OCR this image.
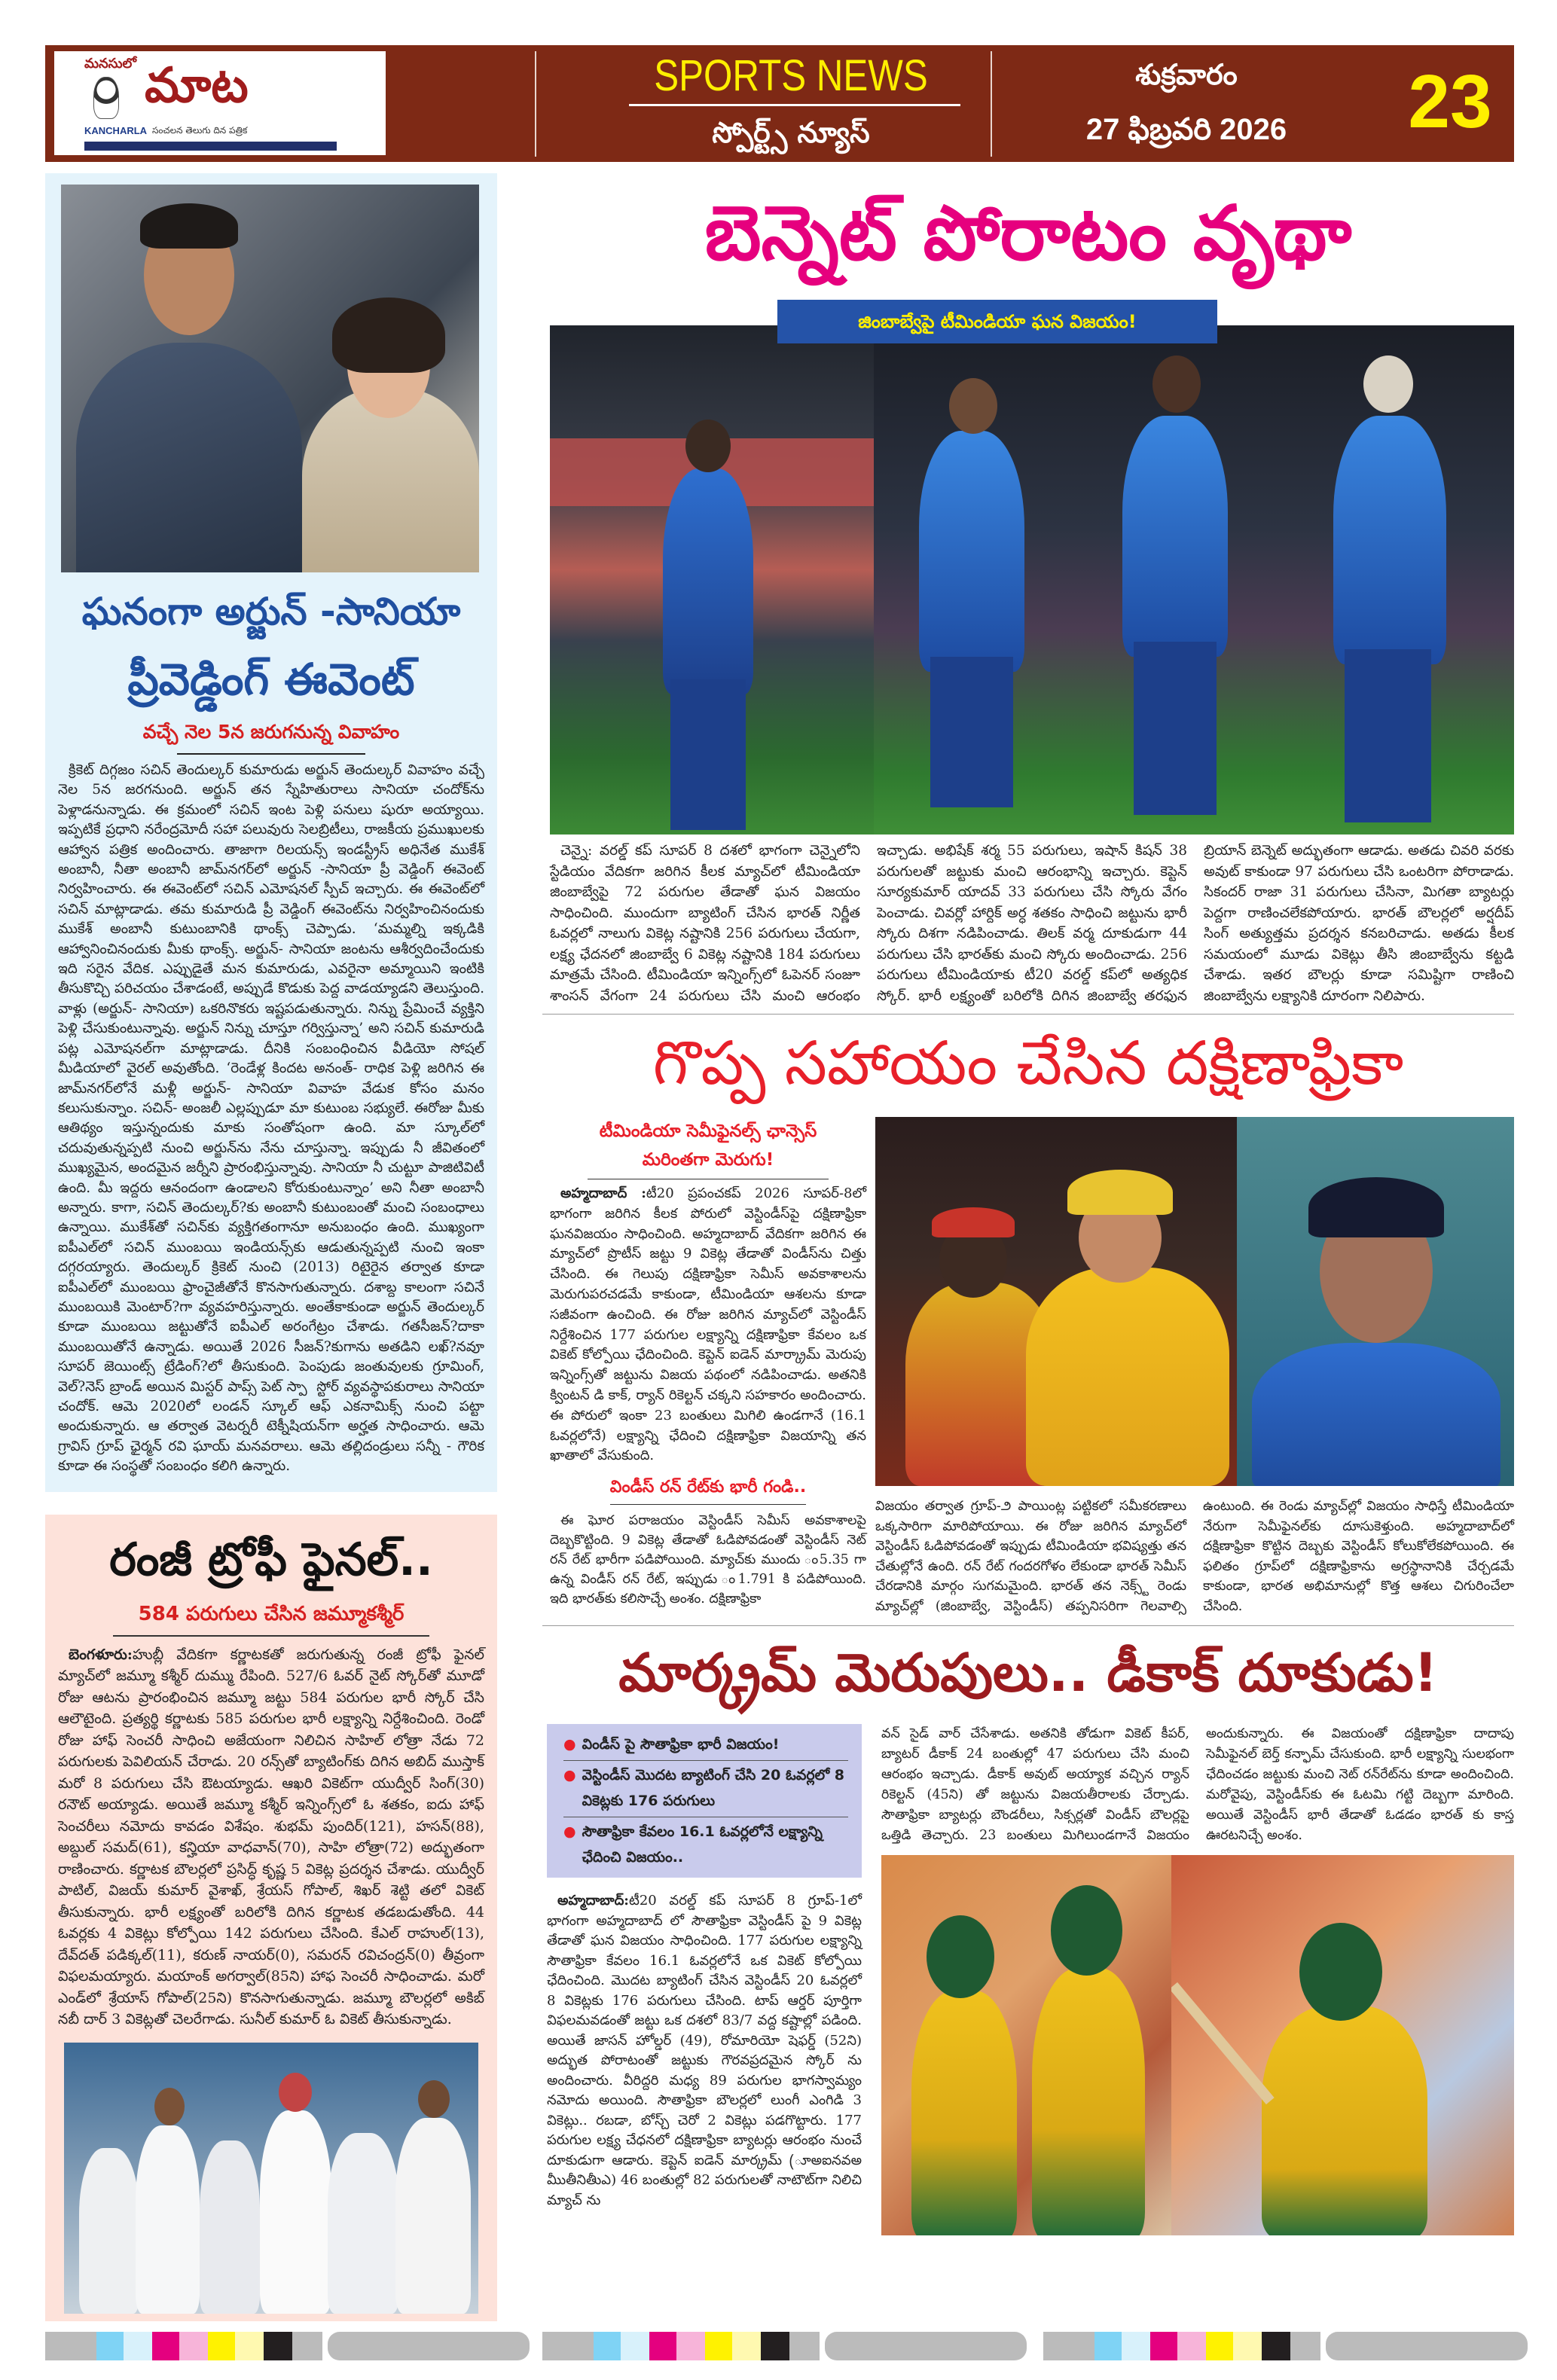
మనసులో మాట
KANCHARLA సంచలన తెలుగు దిన పత్రిక
SPORTS NEWS
స్పోర్ట్స్ న్యూస్
శుక్రవారం
27 ఫిబ్రవరి 2026	23
ఘనంగా అర్జున్ -సానియా
ప్రీవెడ్డింగ్ ఈవెంట్
వచ్చే నెల 5న జరుగనున్న వివాహం
క్రికెట్ దిగ్గజం సచిన్ తెందుల్కర్ కుమారుడు అర్జున్ తెందుల్కర్ వివాహం వచ్చే నెల 5న జరగనుంది. అర్జున్ తన స్నేహితురాలు సానియా చందోక్‌ను పెళ్లాడనున్నాడు. ఈ క్రమంలో సచిన్ ఇంట పెళ్లి పనులు షురూ అయ్యాయి. ఇప్పటికే ప్రధాని నరేంద్రమోదీ సహా పలువురు సెలబ్రిటీలు, రాజకీయ ప్రముఖులకు ఆహ్వాన పత్రిక అందించారు. తాజాగా రిలయన్స్ ఇండస్ట్రీస్ అధినేత ముకేశ్ అంబానీ, నీతా అంబానీ జామ్‌నగర్‌లో అర్జున్ -సానియా ప్రీ వెడ్డింగ్ ఈవెంట్ నిర్వహించారు. ఈ ఈవెంట్‌లో సచిన్ ఎమోషనల్ స్పీచ్ ఇచ్చారు. ఈ ఈవెంట్‌లో సచిన్ మాట్లాడాడు. తమ కుమారుడి ప్రీ వెడ్డింగ్ ఈవెంట్‌ను నిర్వహించినందుకు ముకేశ్ అంబానీ కుటుంబానికి థాంక్స్ చెప్పాడు. ‘మమ్మల్ని ఇక్కడికి ఆహ్వానించినందుకు మీకు థాంక్స్. అర్జున్- సానియా జంటను ఆశీర్వదించేందుకు ఇది సరైన వేదిక. ఎప్పుడైతే మన కుమారుడు, ఎవరైనా అమ్మాయిని ఇంటికి తీసుకొచ్చి పరిచయం చేశాడంటే, అప్పుడే కొడుకు పెద్ద వాడయ్యాడని తెలుస్తుంది. వాళ్లు (అర్జున్- సానియా) ఒకరినొకరు ఇష్టపడుతున్నారు. నిన్ను ప్రేమించే వ్యక్తిని పెళ్లి చేసుకుంటున్నావు. అర్జున్ నిన్ను చూస్తూ గర్విస్తున్నా’ అని సచిన్ కుమారుడి పట్ల ఎమోషనల్‌గా మాట్లాడాడు. దీనికి సంబంధించిన వీడియో సోషల్ మీడియాలో వైరల్ అవుతోంది. ‘రెండేళ్ల కిందట అనంత్- రాధిక పెళ్లి జరిగిన ఈ జామ్‌నగర్‌లోనే మళ్లీ అర్జున్- సానియా వివాహ వేడుక కోసం మనం కలుసుకున్నాం. సచిన్- అంజలీ ఎల్లప్పుడూ మా కుటుంబ సభ్యులే. ఈరోజు మీకు ఆతిథ్యం ఇస్తున్నందుకు మాకు సంతోషంగా ఉంది. మా స్కూల్‌లో చదువుతున్నప్పటి నుంచి అర్జున్‌ను నేను చూస్తున్నా. ఇప్పుడు నీ జీవితంలో ముఖ్యమైన, అందమైన జర్నీని ప్రారంభిస్తున్నావు. సానియా నీ చుట్టూ పాజిటివిటీ ఉంది. మీ ఇద్దరు ఆనందంగా ఉండాలని కోరుకుంటున్నాం’ అని నీతా అంబానీ అన్నారు. కాగా, సచిన్ తెందుల్కర్?కు అంబానీ కుటుంబంతో మంచి సంబంధాలు ఉన్నాయి. ముకేశ్‌తో సచిన్‌కు వ్యక్తిగతంగానూ అనుబంధం ఉంది. ముఖ్యంగా ఐపీఎల్‌లో సచిన్ ముంబయి ఇండియన్స్‌కు ఆడుతున్నప్పటి నుంచి ఇంకా దగ్గరయ్యారు. తెందుల్కర్ క్రికెట్ నుంచి (2013) రిటైరైన తర్వాత కూడా ఐపీఎల్‌లో ముంబయి ఫ్రాంచైజీతోనే కొనసాగుతున్నారు. దశాబ్ద కాలంగా సచినే ముంబయికి మెంటార్?గా వ్యవహరిస్తున్నారు. అంతేకాకుండా అర్జున్ తెందుల్కర్ కూడా ముంబయి జట్టుతోనే ఐపీఎల్ అరంగేట్రం చేశాడు. గతసీజన్?దాకా ముంబయితోనే ఉన్నాడు. అయితే 2026 సీజన్?కుగాను అతడిని లఖ్?నవూ సూపర్ జెయింట్స్ ట్రేడింగ్?లో తీసుకుంది. పెంపుడు జంతువులకు గ్రూమింగ్, వెల్?నెస్ బ్రాండ్ అయిన మిస్టర్ పాప్స్ పెట్ స్పా ‌ స్టోర్ వ్యవస్థాపకురాలు సానియా చందోక్. ఆమె 2020లో లండన్ స్కూల్ ఆఫ్ ఎకనామిక్స్ నుంచి పట్టా అందుకున్నారు. ఆ తర్వాత వెటర్నరీ టెక్నీషియన్‌గా అర్హత సాధించారు. ఆమె గ్రావిస్ గ్రూప్ ఛైర్మన్ రవి ఘాయ్ మనవరాలు. ఆమె తల్లిదండ్రులు సన్నీ - గౌరిక కూడా ఈ సంస్థతో సంబంధం కలిగి ఉన్నారు.
రంజీ ట్రోఫీ ఫైనల్..
584 పరుగులు చేసిన జమ్మూకశ్మీర్
బెంగళూరు:హుబ్లీ వేదికగా కర్ణాటకతో జరుగుతున్న రంజీ ట్రోఫీ ఫైనల్ మ్యాచ్‌లో జమ్మూ కశ్మీర్ దుమ్ము రేపింది. 527/6 ఓవర్ నైట్ స్కోర్‌తో మూడో రోజు ఆటను ప్రారంభించిన జమ్మూ జట్టు 584 పరుగుల భారీ స్కోర్ చేసి ఆలౌటైంది. ప్రత్యర్థి కర్ణాటకు 585 పరుగుల భారీ లక్ష్యాన్ని నిర్దేశించింది. రెండో రోజు హాఫ్ సెంచరీ సాధించి అజేయంగా నిలిచిన సాహిల్ లోత్రా నేడు 72 పరుగులకు పెవిలియన్ చేరాడు. 20 రన్స్‌తో బ్యాటింగ్‌కు దిగిన అబిద్ ముస్తాక్ మరో 8 పరుగులు చేసి ఔటయ్యాడు. ఆఖరి వికెట్‌గా యుద్వీర్ సింగ్(30) రనౌట్ అయ్యాడు. అయితే జమ్మూ కశ్మీర్ ఇన్నింగ్స్‌లో ఓ శతకం, ఐదు హాఫ్ సెంచరీలు నమోదు కావడం విశేషం. శుభమ్ పుందిర్(121), హసన్(88), అబ్దుల్ సమద్(61), కన్హియా వాధవాన్(70), సాహి లోత్రా(72) అద్భుతంగా రాణించారు. కర్ణాటక బౌలర్లలో ప్రసిద్ధ్ కృష్ణ 5 వికెట్ల ప్రదర్శన చేశాడు. యుద్వీర్ పాటిల్, విజయ్ కుమార్ వైశాఖ్, శ్రేయస్ గోపాల్, శిఖర్ శెట్టి తలో వికెట్ తీసుకున్నారు. భారీ లక్ష్యంతో బరిలోకి దిగిన కర్ణాటక తడబడుతోంది. 44 ఓవర్లకు 4 వికెట్లు కోల్పోయి 142 పరుగులు చేసింది. కేఎల్ రాహుల్(13), దేవ్‌దత్ పడిక్కల్(11), కరుణ్ నాయర్(0), సమరన్ రవిచంద్రన్(0) తీవ్రంగా విఫలమయ్యారు. మయాంక్ అగర్వాల్(85ని) హాఫ సెంచరీ సాధించాడు. మరో ఎండ్‌లో శ్రేయాస్ గోపాల్(25ని) కొనసాగుతున్నాడు. జమ్మూ బౌలర్లలో అకిబ్ నబీ దార్ 3 వికెట్లతో చెలరేగాడు. సునీల్ కుమార్ ఓ వికెట్ తీసుకున్నాడు.
బెన్నెట్ పోరాటం వృథా
జింబాబ్వేపై టీమిండియా ఘన విజయం!
చెన్నై: వరల్డ్ కప్ సూపర్ 8 దశలో భాగంగా చెన్నైలోని స్టేడియం వేదికగా జరిగిన కీలక మ్యాచ్‌లో టీమిండియా జింబాబ్వేపై 72 పరుగుల తేడాతో ఘన విజయం సాధించింది. ముందుగా బ్యాటింగ్ చేసిన భారత్ నిర్ణీత ఓవర్లలో నాలుగు వికెట్ల నష్టానికి 256 పరుగులు చేయగా, లక్ష్య ఛేదనలో జింబాబ్వే 6 వికెట్ల నష్టానికి 184 పరుగులు మాత్రమే చేసింది. టీమిండియా ఇన్నింగ్స్‌లో ఓపెనర్ సంజూ శాంసన్ వేగంగా 24 పరుగులు చేసి మంచి ఆరంభం ఇచ్చాడు. అభిషేక్ శర్మ 55 పరుగులు, ఇషాన్ కిషన్ 38 పరుగులతో జట్టుకు మంచి ఆరంభాన్ని ఇచ్చారు. కెప్టెన్ సూర్యకుమార్ యాదవ్ 33 పరుగులు చేసి స్కోరు వేగం పెంచాడు. చివర్లో హార్దిక్ అర్ధ శతకం సాధించి జట్టును భారీ స్కోరు దిశగా నడిపించాడు. తిలక్ వర్మ దూకుడుగా 44 పరుగులు చేసి భారత్‌కు మంచి స్కోరు అందించాడు. 256 పరుగులు టీమిండియాకు టీ20 వరల్డ్ కప్‌లో అత్యధిక స్కోర్. భారీ లక్ష్యంతో బరిలోకి దిగిన జింబాబ్వే తరఫున బ్రియాన్ బెన్నెట్ అద్భుతంగా ఆడాడు. అతడు చివరి వరకు అవుట్ కాకుండా 97 పరుగులు చేసి ఒంటరిగా పోరాడాడు. సికందర్ రాజా 31 పరుగులు చేసినా, మిగతా బ్యాటర్లు పెద్దగా రాణించలేకపోయారు. భారత్ బౌలర్లలో అర్షదీప్ సింగ్ అత్యుత్తమ ప్రదర్శన కనబరిచాడు. అతడు కీలక సమయంలో మూడు వికెట్లు తీసి జింబాబ్వేను కట్టడి చేశాడు. ఇతర బౌలర్లు కూడా సమిష్టిగా రాణించి జింబాబ్వేను లక్ష్యానికి దూరంగా నిలిపారు.
గొప్ప సహాయం చేసిన దక్షిణాఫ్రికా
టీమిండియా సెమీఫైనల్స్ ఛాన్సెస్ మరింతగా మెరుగు!
అహ్మదాబాద్ :టీ20 ప్రపంచకప్ 2026 సూపర్-8లో భాగంగా జరిగిన కీలక పోరులో వెస్టిండీస్‌పై దక్షిణాఫ్రికా ఘనవిజయం సాధించింది. అహ్మదాబాద్ వేదికగా జరిగిన ఈ మ్యాచ్‌లో ప్రొటీస్ జట్టు 9 వికెట్ల తేడాతో విండీస్‌ను చిత్తు చేసింది. ఈ గెలుపు దక్షిణాఫ్రికా సెమీస్ అవకాశాలను మెరుగుపరచడమే కాకుండా, టీమిండియా ఆశలను కూడా సజీవంగా ఉంచింది. ఈ రోజు జరిగిన మ్యాచ్‌లో వెస్టిండీస్ నిర్దేశించిన 177 పరుగుల లక్ష్యాన్ని దక్షిణాఫ్రికా కేవలం ఒక వికెట్ కోల్పోయి ఛేదించింది. కెప్టెన్ ఐడెన్ మార్క్రామ్ మెరుపు ఇన్నింగ్స్‌తో జట్టును విజయ పథంలో నడిపించాడు. అతనికి క్వింటన్ డి కాక్, ర్యాన్ రికెల్టన్ చక్కని సహకారం అందించారు. ఈ పోరులో ఇంకా 23 బంతులు మిగిలి ఉండగానే (16.1 ఓవర్లలోనే) లక్ష్యాన్ని ఛేదించి దక్షిణాఫ్రికా విజయాన్ని తన ఖాతాలో వేసుకుంది.
విండీస్ రన్ రేట్‌కు భారీ గండి..
ఈ ఘోర పరాజయం వెస్టిండీస్ సెమీస్ అవకాశాలపై దెబ్బకొట్టింది. 9 వికెట్ల తేడాతో ఓడిపోవడంతో వెస్టిండీస్ నెట్ రన్ రేట్ భారీగా పడిపోయింది. మ్యాచ్‌కు ముందు ం5.35 గా ఉన్న విండీస్ రన్ రేట్, ఇప్పుడు ం1.791 కి పడిపోయింది. ఇది భారత్‌కు కలిసొచ్చే అంశం. దక్షిణాఫ్రికా
విజయం తర్వాత గ్రూప్‌-౨ పాయింట్ల పట్టికలో సమీకరణాలు ఒక్కసారిగా మారిపోయాయి. ఈ రోజు జరిగిన మ్యాచ్‌లో వెస్టిండీస్ ఓడిపోవడంతో ఇప్పుడు టీమిండియా భవిష్యత్తు తన చేతుల్లోనే ఉంది. రన్ రేట్ గందరగోళం లేకుండా భారత్ సెమీస్ చేరడానికి మార్గం సుగమమైంది. భారత్ తన నెక్స్ట్ రెండు మ్యాచ్‌ల్లో (జింబాబ్వే, వెస్టిండీస్) తప్పనిసరిగా గెలవాల్సి ఉంటుంది. ఈ రెండు మ్యాచ్‌ల్లో విజయం సాధిస్తే టీమిండియా నేరుగా సెమీఫైనల్‌కు దూసుకెళ్తుంది. అహ్మదాబాద్‌లో దక్షిణాఫ్రికా కొట్టిన దెబ్బకు వెస్టిండీస్ కోలుకోలేకపోయింది. ఈ ఫలితం గ్రూప్‌లో దక్షిణాఫ్రికాను అగ్రస్థానానికి చేర్చడమే కాకుండా, భారత అభిమానుల్లో కొత్త ఆశలు చిగురించేలా చేసింది.
మార్క్రమ్ మెరుపులు.. డీకాక్ దూకుడు!
● విండీస్ పై సౌతాఫ్రికా భారీ విజయం!
● వెస్టిండీస్ మొదట బ్యాటింగ్ చేసి 20 ఓవర్లలో 8 వికెట్లకు 176 పరుగులు
● సౌతాఫ్రికా కేవలం 16.1 ఓవర్లలోనే లక్ష్యాన్ని ఛేదించి విజయం..
అహ్మదాబాద్:టీ20 వరల్డ్ కప్ సూపర్ 8 గ్రూప్-1లో భాగంగా అహ్మదాబాద్ లో సౌతాఫ్రికా వెస్టిండీస్ పై 9 వికెట్ల తేడాతో ఘన విజయం సాధించింది. 177 పరుగుల లక్ష్యాన్ని సౌతాఫ్రికా కేవలం 16.1 ఓవర్లలోనే ఒక వికెట్ కోల్పోయి ఛేదించింది. మొదట బ్యాటింగ్ చేసిన వెస్టిండీస్ 20 ఓవర్లలో 8 వికెట్లకు 176 పరుగులు చేసింది. టాప్ ఆర్డర్ పూర్తిగా విఫలమవడంతో జట్టు ఒక దశలో 83/7 వద్ద కష్టాల్లో పడింది. అయితే జాసన్ హోల్డర్ (49), రోమారియో షెఫర్డ్ (52ని) అద్భుత పోరాటంతో జట్టుకు గౌరవప్రదమైన స్కోర్ ను అందించారు. వీరిద్దరి మధ్య 89 పరుగుల భాగస్వామ్యం నమోదు అయింది. సౌతాఫ్రికా బౌలర్లలో లుంగీ ఎంగిడి 3 వికెట్లు.. రబడా, బోస్చ్ చెరో 2 వికెట్లు పడగొట్టారు. 177 పరుగుల లక్ష్య చేధనలో దక్షిణాఫ్రికా బ్యాటర్లు ఆరంభం నుంచే దూకుడుగా ఆడారు. కెప్టెన్ ఐడెన్ మార్క్రమ్ (ూఅఐనవఅ మీుతీనితీుఎ) 46 బంతుల్లో 82 పరుగులతో నాటౌట్‌గా నిలిచి మ్యాచ్ ను
వన్ సైడ్ వార్ చేసేశాడు. అతనికి తోడుగా వికెట్ కీపర్, బ్యాటర్ డీకాక్ 24 బంతుల్లో 47 పరుగులు చేసి మంచి ఆరంభం ఇచ్చాడు. డీకాక్ అవుట్ అయ్యాక వచ్చిన ర్యాన్ రికెల్టన్ (45ని) తో జట్టును విజయతీరాలకు చేర్చాడు. సౌతాఫ్రికా బ్యాటర్లు బౌండరీలు, సిక్సర్లతో విండీస్ బౌలర్లపై ఒత్తిడి తెచ్చారు. 23 బంతులు మిగిలుండగానే విజయం అందుకున్నారు. ఈ విజయంతో దక్షిణాఫ్రికా దాదాపు సెమీఫైనల్ బెర్త్ కన్ఫామ్ చేసుకుంది. భారీ లక్ష్యాన్ని సులభంగా ఛేదించడం జట్టుకు మంచి నెట్ రన్‌రేట్‌ను కూడా అందించింది. మరోవైపు, వెస్టిండీస్‌కు ఈ ఓటమి గట్టి దెబ్బగా మారింది. అయితే వెస్టిండీస్ భారీ తేడాతో ఓడడం భారత్ కు కాస్త ఊరటనిచ్చే అంశం.
